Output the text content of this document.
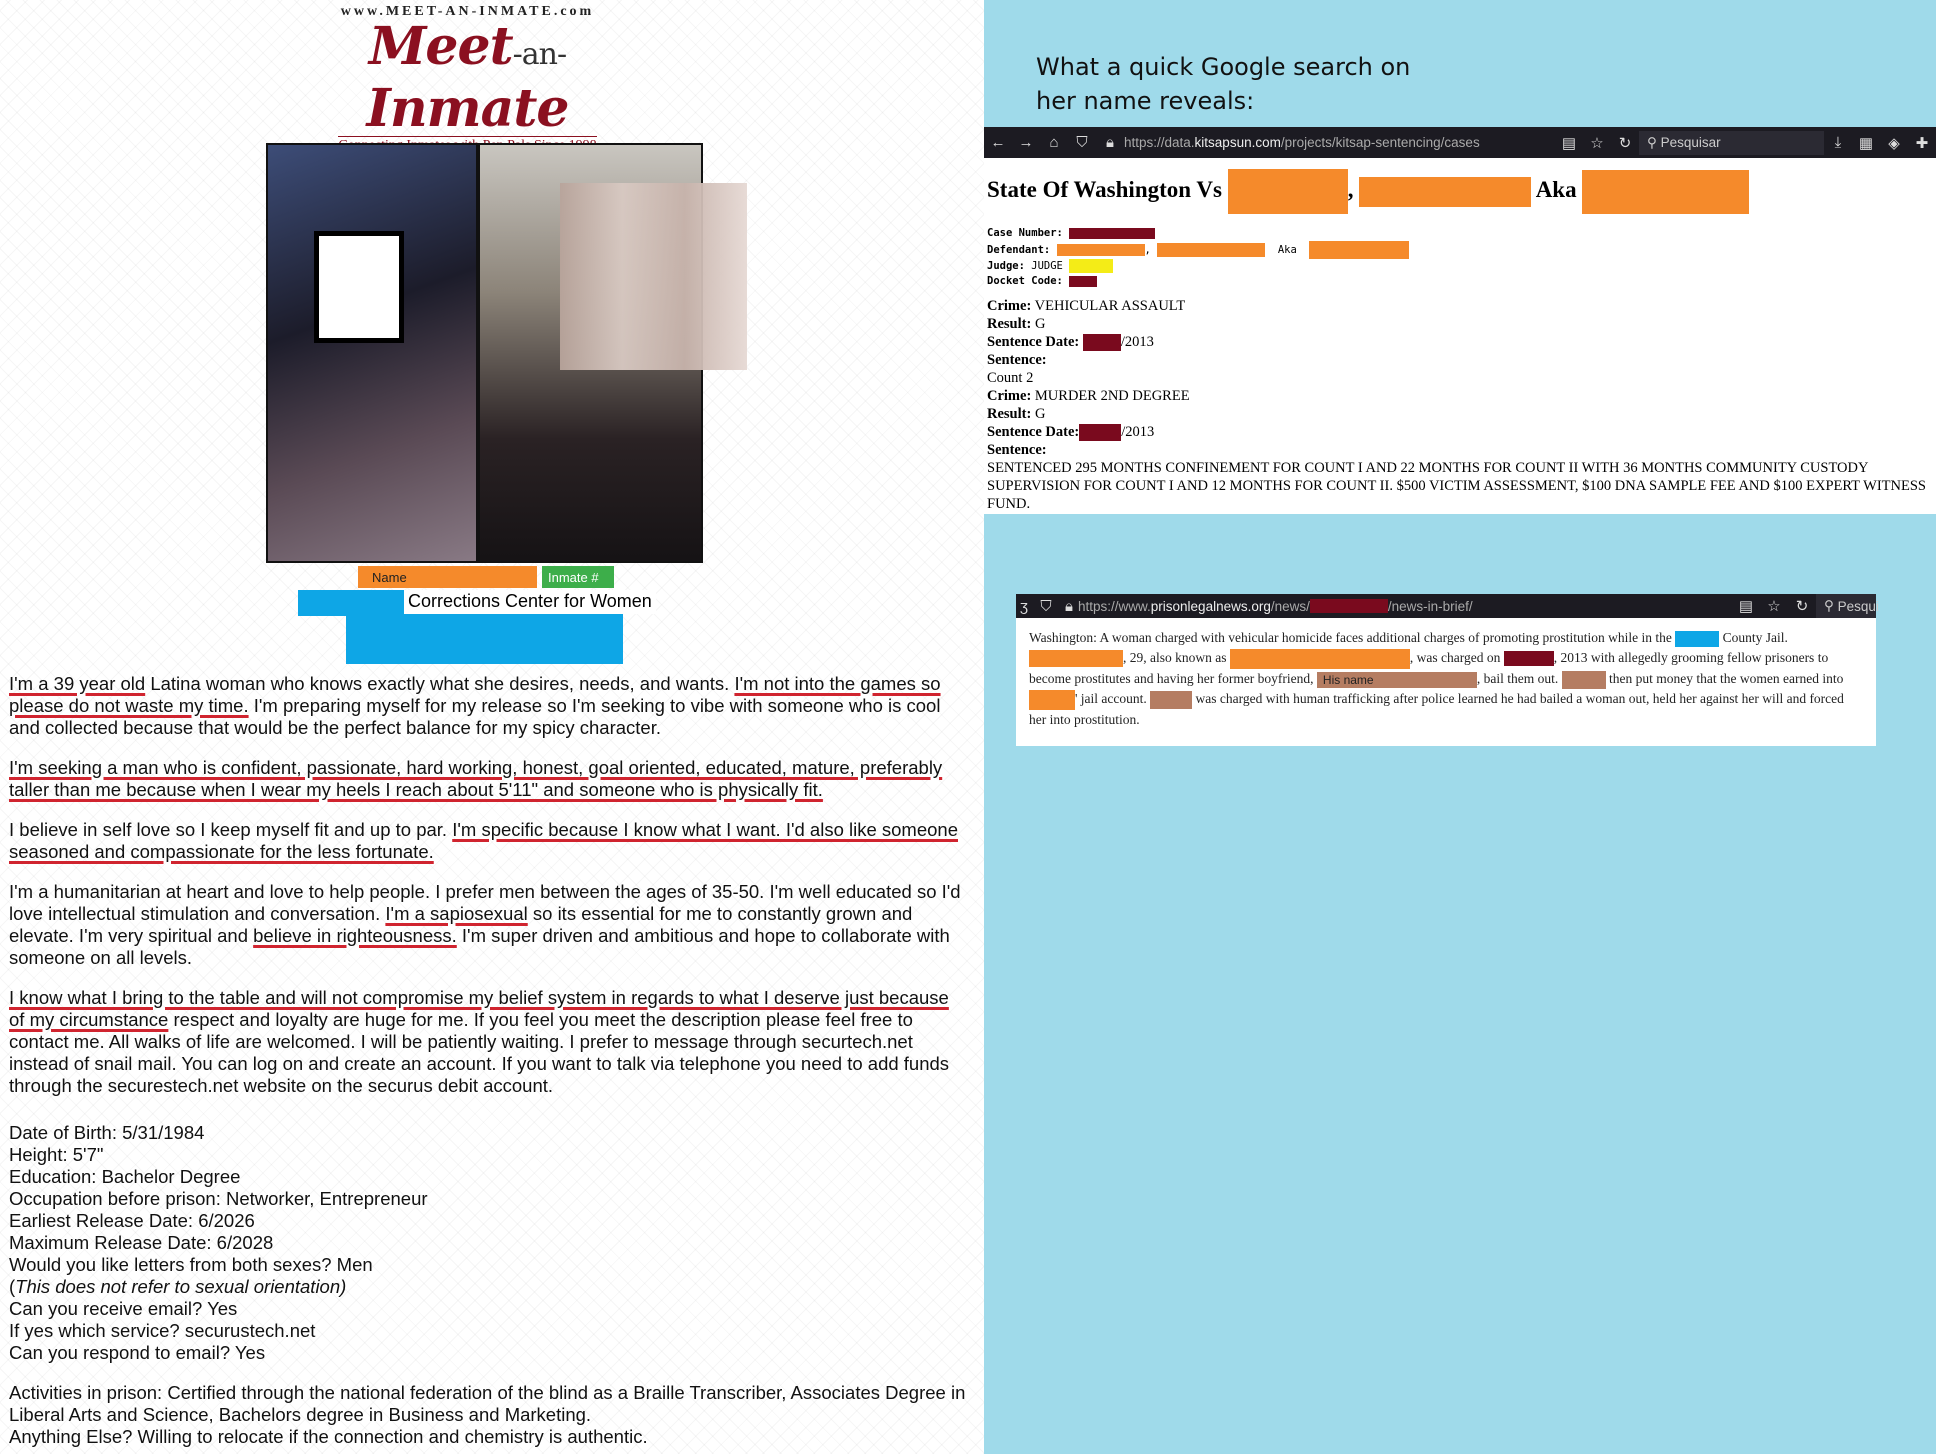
www.MEET-AN-INMATE.com
Meet-an-Inmate
Name	Inmate #
Corrections Center for Women

I'm a 39 year old Latina woman who knows exactly what she desires, needs, and wants. I'm not into the games so please do not waste my time. I'm preparing myself for my release so I'm seeking to vibe with someone who is cool and collected because that would be the perfect balance for my spicy character.

I'm seeking a man who is confident, passionate, hard working, honest, goal oriented, educated, mature, preferably taller than me because when I wear my heels I reach about 5'11" and someone who is physically fit.

I believe in self love so I keep myself fit and up to par. I'm specific because I know what I want. I'd also like someone seasoned and compassionate for the less fortunate.

I'm a humanitarian at heart and love to help people. I prefer men between the ages of 35-50. I'm well educated so I'd love intellectual stimulation and conversation. I'm a sapiosexual so its essential for me to constantly grown and elevate. I'm very spiritual and believe in righteousness. I'm super driven and ambitious and hope to collaborate with someone on all levels.

I know what I bring to the table and will not compromise my belief system in regards to what I deserve just because of my circumstance respect and loyalty are huge for me. If you feel you meet the description please feel free to contact me. All walks of life are welcomed. I will be patiently waiting. I prefer to message through securtech.net instead of snail mail. You can log on and create an account. If you want to talk via telephone you need to add funds through the securestech.net website on the securus debit account.

Date of Birth: 5/31/1984
Height: 5'7"
Education: Bachelor Degree
Occupation before prison: Networker, Entrepreneur
Earliest Release Date: 6/2026
Maximum Release Date: 6/2028
Would you like letters from both sexes? Men
(This does not refer to sexual orientation)
Can you receive email? Yes
If yes which service? securustech.net
Can you respond to email? Yes
Activities in prison: Certified through the national federation of the blind as a Braille Transcriber, Associates Degree in Liberal Arts and Science, Bachelors degree in Business and Marketing.
Anything Else? Willing to relocate if the connection and chemistry is authentic.
What a quick Google search on
her name reveals:
← →	⌂	⛉	🔒︎ https://data. kitsapsun.com /projects/kitsap-sentencing/cases	▤ ☆ ↻	⚲ Pesquisar	⤓	▦	◈	✚
State Of Washington Vs	,	Aka
Case Number:
Defendant:	,	Aka
Judge: JUDGE
Docket Code:
Crime: VEHICULAR ASSAULT
Result: G
Sentence Date:	/2013
Sentence:
Count 2
Crime: MURDER 2ND DEGREE
Result: G
Sentence Date:	/2013
Sentence:
SENTENCED 295 MONTHS CONFINEMENT FOR COUNT I AND 22 MONTHS FOR COUNT II WITH 36 MONTHS COMMUNITY CUSTODY SUPERVISION FOR COUNT I AND 12 MONTHS FOR COUNT II. $500 VICTIM ASSESSMENT, $100 DNA SAMPLE FEE AND $100 EXPERT WITNESS FUND.
ʒ ⛉ 🔒︎ https://www. prisonlegalnews.org /news/	/news-in-brief/	▤ ☆ ↻	⚲ Pesqui
Washington: A woman charged with vehicular homicide faces additional charges of promoting prostitution while in the	County Jail. , 29, also known as	, was charged on	, 2013 with allegedly grooming fellow prisoners to become prostitutes and having her former boyfriend, His name	, bail them out.	then put money that the women earned into ' jail account.	was charged with human trafficking after police learned he had bailed a woman out, held her against her will and forced her into prostitution.
